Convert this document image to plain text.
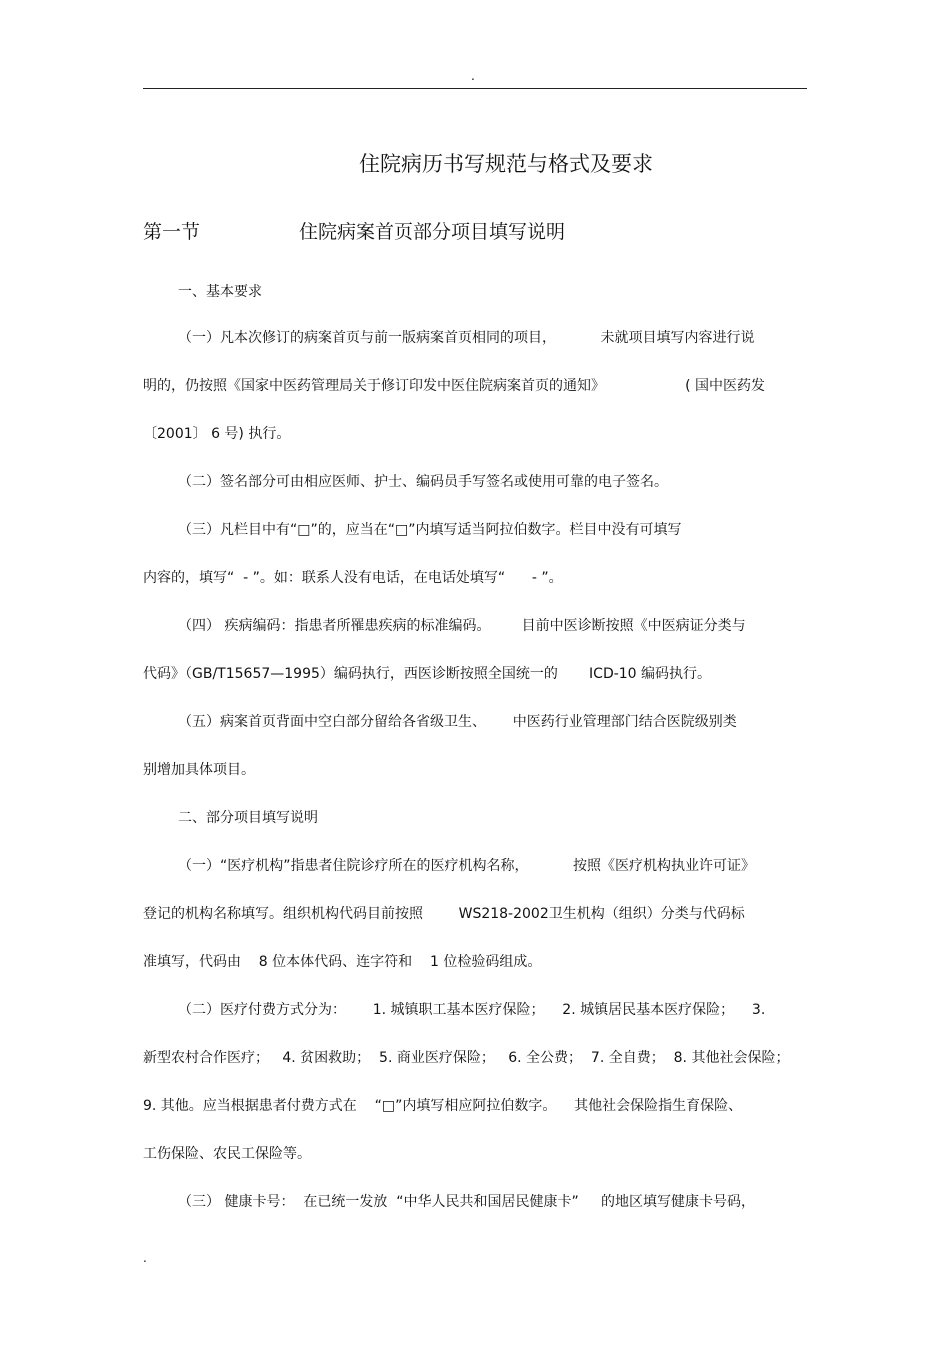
.
住院病历书写规范与格式及要求
第一节	住院病案首页部分项目填写说明
一、基本要求
（一）凡本次修订的病案首页与前一版病案首页相同的项目，          未就项目填写内容进行说
明的，仍按照《国家中医药管理局关于修订印发中医住院病案首页的通知》                  ( 国中医药发
〔2001〕 6 号) 执行。
（二）签名部分可由相应医师、护士、编码员手写签名或使用可靠的电子签名。
（三）凡栏目中有“□”的，应当在“□”内填写适当阿拉伯数字。栏目中没有可填写
内容的，填写“  - ”。如：联系人没有电话，在电话处填写“      - ”。
（四） 疾病编码：指患者所罹患疾病的标准编码。       目前中医诊断按照《中医病证分类与
代码》（GB/T15657—1995）编码执行，西医诊断按照全国统一的       ICD-10 编码执行。
（五）病案首页背面中空白部分留给各省级卫生、      中医药行业管理部门结合医院级别类
别增加具体项目。
二、部分项目填写说明
（一）“医疗机构”指患者住院诊疗所在的医疗机构名称，          按照《医疗机构执业许可证》
登记的机构名称填写。组织机构代码目前按照        WS218-2002卫生机构（组织）分类与代码标
准填写，代码由    8 位本体代码、连字符和    1 位检验码组成。
（二）医疗付费方式分为：      1. 城镇职工基本医疗保险；    2. 城镇居民基本医疗保险；    3.
新型农村合作医疗；   4. 贫困救助；  5. 商业医疗保险；   6. 全公费；  7. 全自费；  8. 其他社会保险；
9. 其他。应当根据患者付费方式在    “□”内填写相应阿拉伯数字。    其他社会保险指生育保险、
工伤保险、农民工保险等。
（三） 健康卡号：  在已统一发放  “中华人民共和国居民健康卡”     的地区填写健康卡号码，
.
